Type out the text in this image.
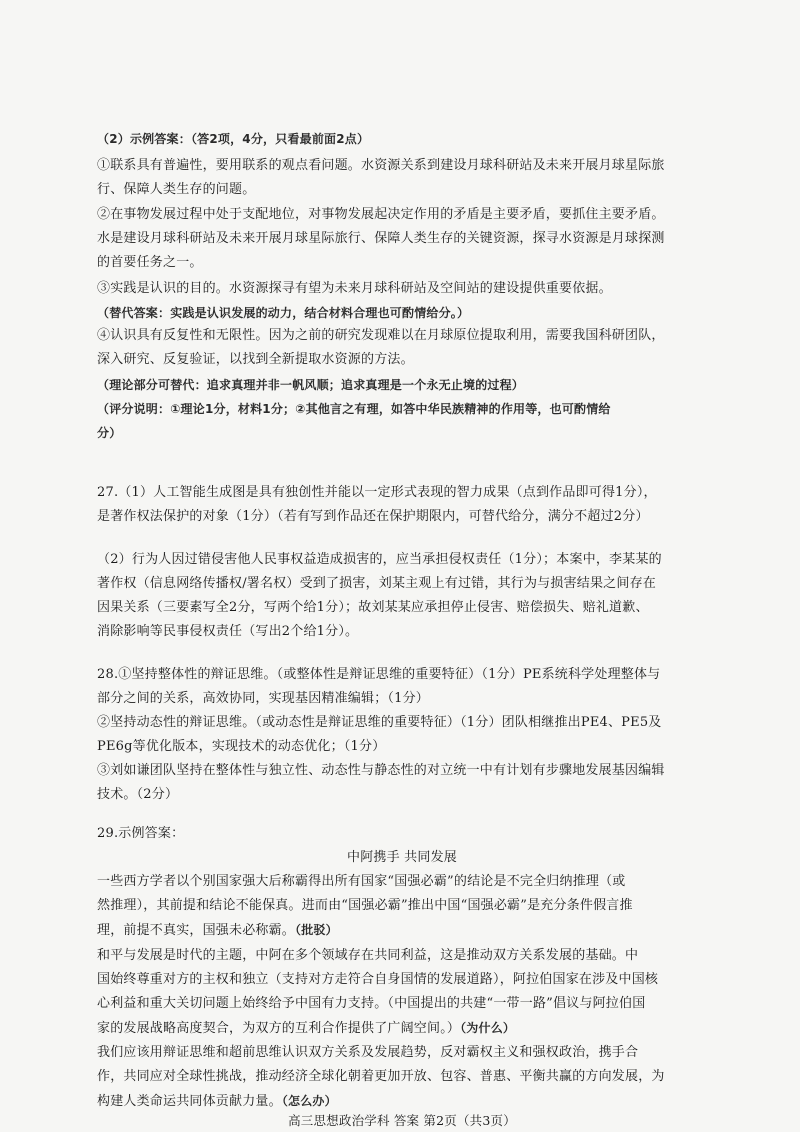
（2）示例答案：（答2项，4分，只看最前面2点）
①联系具有普遍性，要用联系的观点看问题。水资源关系到建设月球科研站及未来开展月球星际旅
行、保障人类生存的问题。
②在事物发展过程中处于支配地位，对事物发展起决定作用的矛盾是主要矛盾，要抓住主要矛盾。
水是建设月球科研站及未来开展月球星际旅行、保障人类生存的关键资源，探寻水资源是月球探测
的首要任务之一。
③实践是认识的目的。水资源探寻有望为未来月球科研站及空间站的建设提供重要依据。
（替代答案：实践是认识发展的动力，结合材料合理也可酌情给分。）
④认识具有反复性和无限性。因为之前的研究发现难以在月球原位提取利用，需要我国科研团队，
深入研究、反复验证，以找到全新提取水资源的方法。
（理论部分可替代：追求真理并非一帆风顺；追求真理是一个永无止境的过程）
（评分说明：①理论1分，材料1分；②其他言之有理，如答中华民族精神的作用等，也可酌情给
分）
27.（1）人工智能生成图是具有独创性并能以一定形式表现的智力成果（点到作品即可得1分），
是著作权法保护的对象（1分）（若有写到作品还在保护期限内，可替代给分，满分不超过2分）
（2）行为人因过错侵害他人民事权益造成损害的，应当承担侵权责任（1分）；本案中，李某某的
著作权（信息网络传播权/署名权）受到了损害，刘某主观上有过错，其行为与损害结果之间存在
因果关系（三要素写全2分，写两个给1分）；故刘某某应承担停止侵害、赔偿损失、赔礼道歉、
消除影响等民事侵权责任（写出2个给1分）。
28.①坚持整体性的辩证思维。（或整体性是辩证思维的重要特征）（1分）PE系统科学处理整体与
部分之间的关系，高效协同，实现基因精准编辑；（1分）
②坚持动态性的辩证思维。（或动态性是辩证思维的重要特征）（1分）团队相继推出PE4、PE5及
PE6g等优化版本，实现技术的动态优化；（1分）
③刘如谦团队坚持在整体性与独立性、动态性与静态性的对立统一中有计划有步骤地发展基因编辑
技术。（2分）
29.示例答案：
中阿携手 共同发展
一些西方学者以个别国家强大后称霸得出所有国家“国强必霸”的结论是不完全归纳推理（或
然推理），其前提和结论不能保真。进而由“国强必霸”推出中国“国强必霸”是充分条件假言推
理，前提不真实，国强未必称霸。（批驳）
和平与发展是时代的主题，中阿在多个领域存在共同利益，这是推动双方关系发展的基础。中
国始终尊重对方的主权和独立（支持对方走符合自身国情的发展道路），阿拉伯国家在涉及中国核
心利益和重大关切问题上始终给予中国有力支持。（中国提出的共建“一带一路”倡议与阿拉伯国
家的发展战略高度契合，为双方的互利合作提供了广阔空间。）（为什么）
我们应该用辩证思维和超前思维认识双方关系及发展趋势，反对霸权主义和强权政治，携手合
作，共同应对全球性挑战，推动经济全球化朝着更加开放、包容、普惠、平衡共赢的方向发展，为
构建人类命运共同体贡献力量。（怎么办）
高三思想政治学科 答案 第2页（共3页）
